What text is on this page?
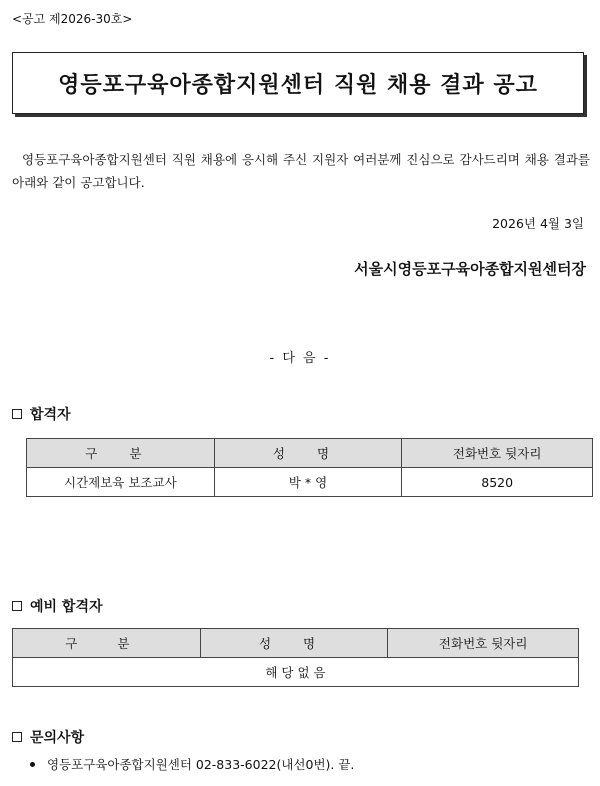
<공고 제2026-30호>
영등포구육아종합지원센터 직원 채용 결과 공고
영등포구육아종합지원센터 직원 채용에 응시해 주신 지원자 여러분께 진심으로 감사드리며 채용 결과를 아래와 같이 공고합니다.
2026년 4월 3일
서울시영등포구육아종합지원센터장
- 다 음 -
합격자
구 분	성 명	전화번호 뒷자리
시간제보육 보조교사	박 * 영	8520
예비 합격자
구 분	성 명	전화번호 뒷자리
해 당 없 음
문의사항
영등포구육아종합지원센터 02-833-6022(내선0번). 끝.
